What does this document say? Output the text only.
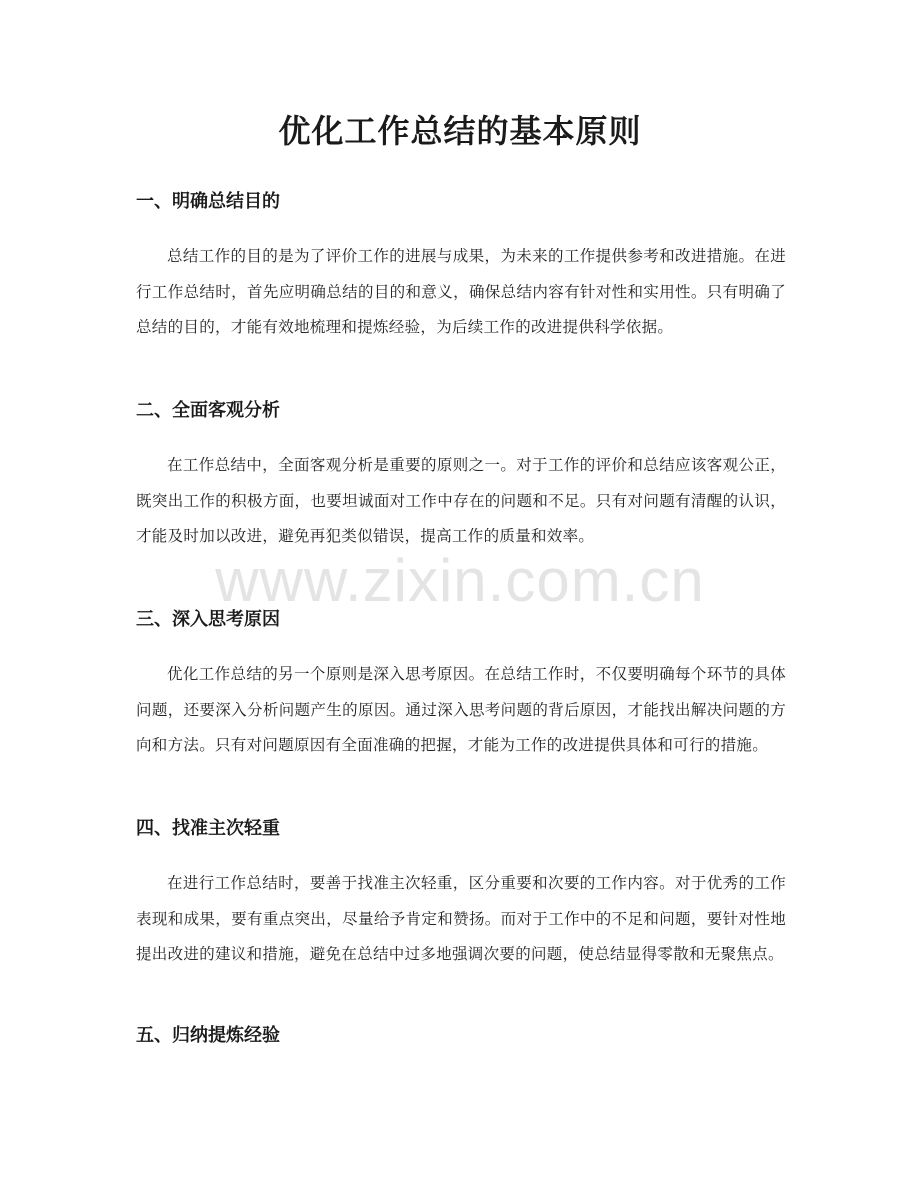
优化工作总结的基本原则
www.zixin.com.cn
一、明确总结目的

总结工作的目的是为了评价工作的进展与成果，为未来的工作提供参考和改进措施。在进行工作总结时，首先应明确总结的目的和意义，确保总结内容有针对性和实用性。只有明确了总结的目的，才能有效地梳理和提炼经验，为后续工作的改进提供科学依据。

二、全面客观分析

在工作总结中，全面客观分析是重要的原则之一。对于工作的评价和总结应该客观公正，既突出工作的积极方面，也要坦诚面对工作中存在的问题和不足。只有对问题有清醒的认识，才能及时加以改进，避免再犯类似错误，提高工作的质量和效率。

三、深入思考原因

优化工作总结的另一个原则是深入思考原因。在总结工作时，不仅要明确每个环节的具体问题，还要深入分析问题产生的原因。通过深入思考问题的背后原因，才能找出解决问题的方向和方法。只有对问题原因有全面准确的把握，才能为工作的改进提供具体和可行的措施。

四、找准主次轻重

在进行工作总结时，要善于找准主次轻重，区分重要和次要的工作内容。对于优秀的工作表现和成果，要有重点突出，尽量给予肯定和赞扬。而对于工作中的不足和问题，要针对性地提出改进的建议和措施，避免在总结中过多地强调次要的问题，使总结显得零散和无聚焦点。

五、归纳提炼经验
